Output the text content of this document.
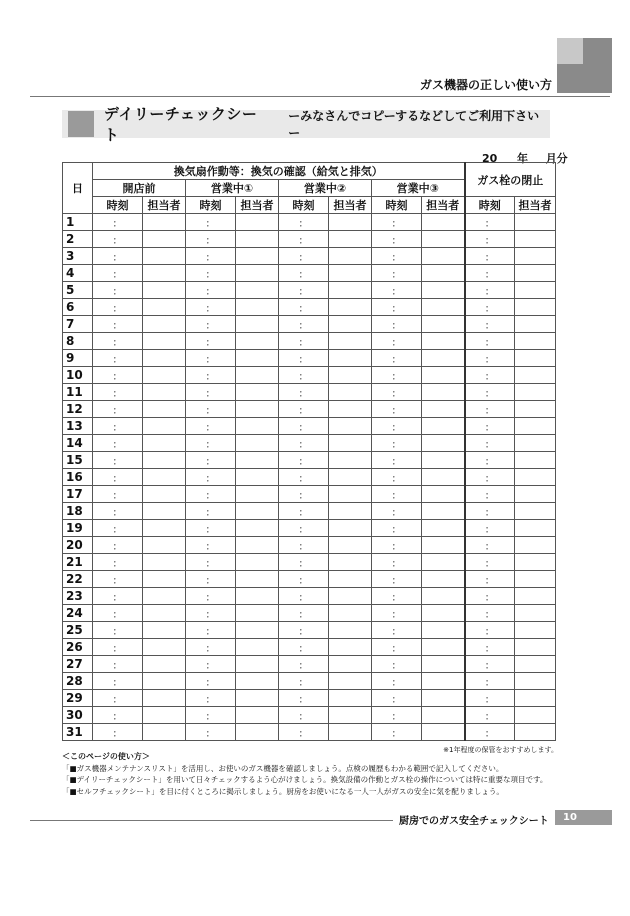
ガス機器の正しい使い方
デイリーチェックシート
ーみなさんでコピーするなどしてご利用下さいー
20 年 月分
日	換気扇作動等：換気の確認（給気と排気）								ガス栓の閉止	
	開店前		営業中①		営業中②		営業中③			
	時刻	担当者	時刻	担当者	時刻	担当者	時刻	担当者	時刻	担当者
1	：		：		：		：		：	
2	：		：		：		：		：	
3	：		：		：		：		：	
4	：		：		：		：		：	
5	：		：		：		：		：	
6	：		：		：		：		：	
7	：		：		：		：		：	
8	：		：		：		：		：	
9	：		：		：		：		：	
10	：		：		：		：		：	
11	：		：		：		：		：	
12	：		：		：		：		：	
13	：		：		：		：		：	
14	：		：		：		：		：	
15	：		：		：		：		：	
16	：		：		：		：		：	
17	：		：		：		：		：	
18	：		：		：		：		：	
19	：		：		：		：		：	
20	：		：		：		：		：	
21	：		：		：		：		：	
22	：		：		：		：		：	
23	：		：		：		：		：	
24	：		：		：		：		：	
25	：		：		：		：		：	
26	：		：		：		：		：	
27	：		：		：		：		：	
28	：		：		：		：		：	
29	：		：		：		：		：	
30	：		：		：		：		：	
31	：		：		：		：		：	
※1年程度の保管をおすすめします。
＜このページの使い方＞
「■ガス機器メンテナンスリスト」を活用し、お使いのガス機器を確認しましょう。点検の履歴もわかる範囲で記入してください。
「■デイリーチェックシート」を用いて日々チェックするよう心がけましょう。換気設備の作動とガス栓の操作については特に重要な項目です。
「■セルフチェックシート」を目に付くところに掲示しましょう。厨房をお使いになる一人一人がガスの安全に気を配りましょう。
厨房でのガス安全チェックシート	10
